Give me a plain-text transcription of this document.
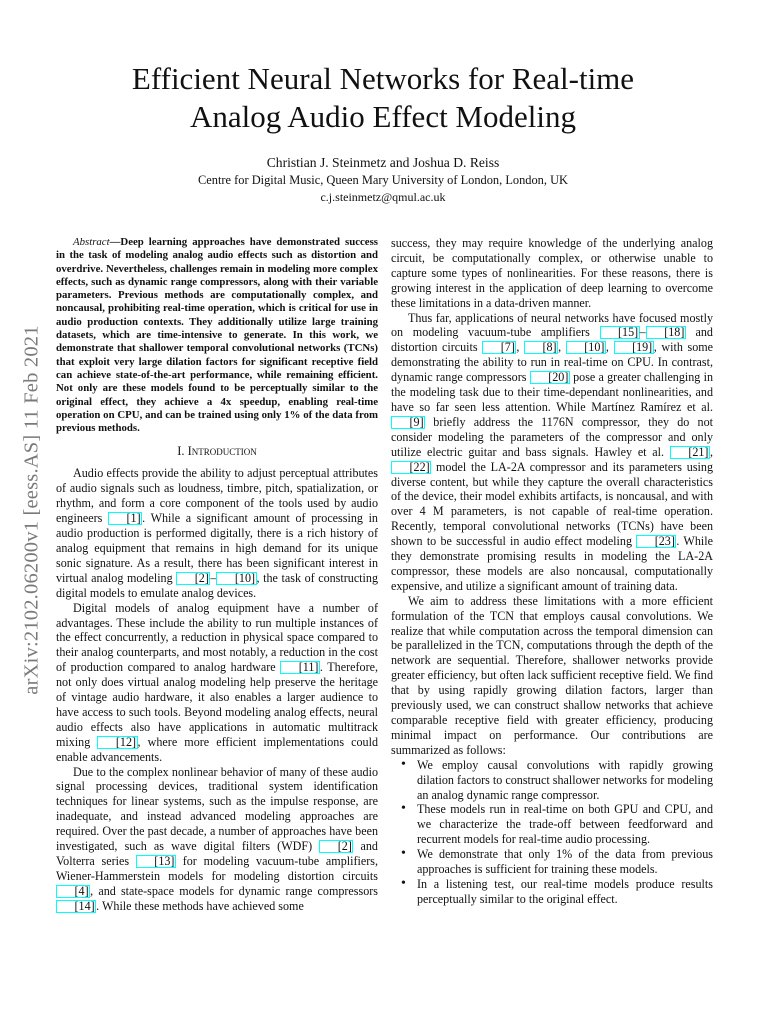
arXiv:2102.06200v1 [eess.AS] 11 Feb 2021
Efficient Neural Networks for Real-time
Analog Audio Effect Modeling
Christian J. Steinmetz and Joshua D. Reiss
Centre for Digital Music, Queen Mary University of London, London, UK
c.j.steinmetz@qmul.ac.uk

Abstract—Deep learning approaches have demonstrated success in the task of modeling analog audio effects such as distortion and overdrive. Nevertheless, challenges remain in modeling more complex effects, such as dynamic range compressors, along with their variable parameters. Previous methods are computationally complex, and noncausal, prohibiting real-time operation, which is critical for use in audio production contexts. They additionally utilize large training datasets, which are time-intensive to generate. In this work, we demonstrate that shallower temporal convolutional networks (TCNs) that exploit very large dilation factors for significant receptive field can achieve state-of-the-art performance, while remaining efficient. Not only are these models found to be perceptually similar to the original effect, they achieve a 4x speedup, enabling real-time operation on CPU, and can be trained using only 1% of the data from previous methods.

I. Introduction

Audio effects provide the ability to adjust perceptual attributes of audio signals such as loudness, timbre, pitch, spatialization, or rhythm, and form a core component of the tools used by audio engineers [1] . While a significant amount of processing in audio production is performed digitally, there is a rich history of analog equipment that remains in high demand for its unique sonic signature. As a result, there has been significant interest in virtual analog modeling [2] – [10] , the task of constructing digital models to emulate analog devices.

Digital models of analog equipment have a number of advantages. These include the ability to run multiple instances of the effect concurrently, a reduction in physical space compared to their analog counterparts, and most notably, a reduction in the cost of production compared to analog hardware [11] . Therefore, not only does virtual analog modeling help preserve the heritage of vintage audio hardware, it also enables a larger audience to have access to such tools. Beyond modeling analog effects, neural audio effects also have applications in automatic multitrack mixing [12] , where more efficient implementations could enable advancements.

Due to the complex nonlinear behavior of many of these audio signal processing devices, traditional system identification techniques for linear systems, such as the impulse response, are inadequate, and instead advanced modeling approaches are required. Over the past decade, a number of approaches have been investigated, such as wave digital filters (WDF) [2] and Volterra series [13] for modeling vacuum-tube amplifiers, Wiener-Hammerstein models for modeling distortion circuits [4] , and state-space models for dynamic range compressors [14] . While these methods have achieved some

success, they may require knowledge of the underlying analog circuit, be computationally complex, or otherwise unable to capture some types of nonlinearities. For these reasons, there is growing interest in the application of deep learning to overcome these limitations in a data-driven manner.

Thus far, applications of neural networks have focused mostly on modeling vacuum-tube amplifiers [15] – [18] and distortion circuits [7] , [8] , [10] , [19] , with some demonstrating the ability to run in real-time on CPU. In contrast, dynamic range compressors [20] pose a greater challenging in the modeling task due to their time-dependant nonlinearities, and have so far seen less attention. While Martínez Ramírez et al. [9] briefly address the 1176N compressor, they do not consider modeling the parameters of the compressor and only utilize electric guitar and bass signals. Hawley et al. [21] , [22] model the LA-2A compressor and its parameters using diverse content, but while they capture the overall characteristics of the device, their model exhibits artifacts, is noncausal, and with over 4 M parameters, is not capable of real-time operation. Recently, temporal convolutional networks (TCNs) have been shown to be successful in audio effect modeling [23] . While they demonstrate promising results in modeling the LA-2A compressor, these models are also noncausal, computationally expensive, and utilize a significant amount of training data.

We aim to address these limitations with a more efficient formulation of the TCN that employs causal convolutions. We realize that while computation across the temporal dimension can be parallelized in the TCN, computations through the depth of the network are sequential. Therefore, shallower networks provide greater efficiency, but often lack sufficient receptive field. We find that by using rapidly growing dilation factors, larger than previously used, we can construct shallow networks that achieve comparable receptive field with greater efficiency, producing minimal impact on performance. Our contributions are summarized as follows:

• We employ causal convolutions with rapidly growing dilation factors to construct shallower networks for modeling an analog dynamic range compressor.
• These models run in real-time on both GPU and CPU, and we characterize the trade-off between feedforward and recurrent models for real-time audio processing.
• We demonstrate that only 1% of the data from previous approaches is sufficient for training these models.
• In a listening test, our real-time models produce results perceptually similar to the original effect.
